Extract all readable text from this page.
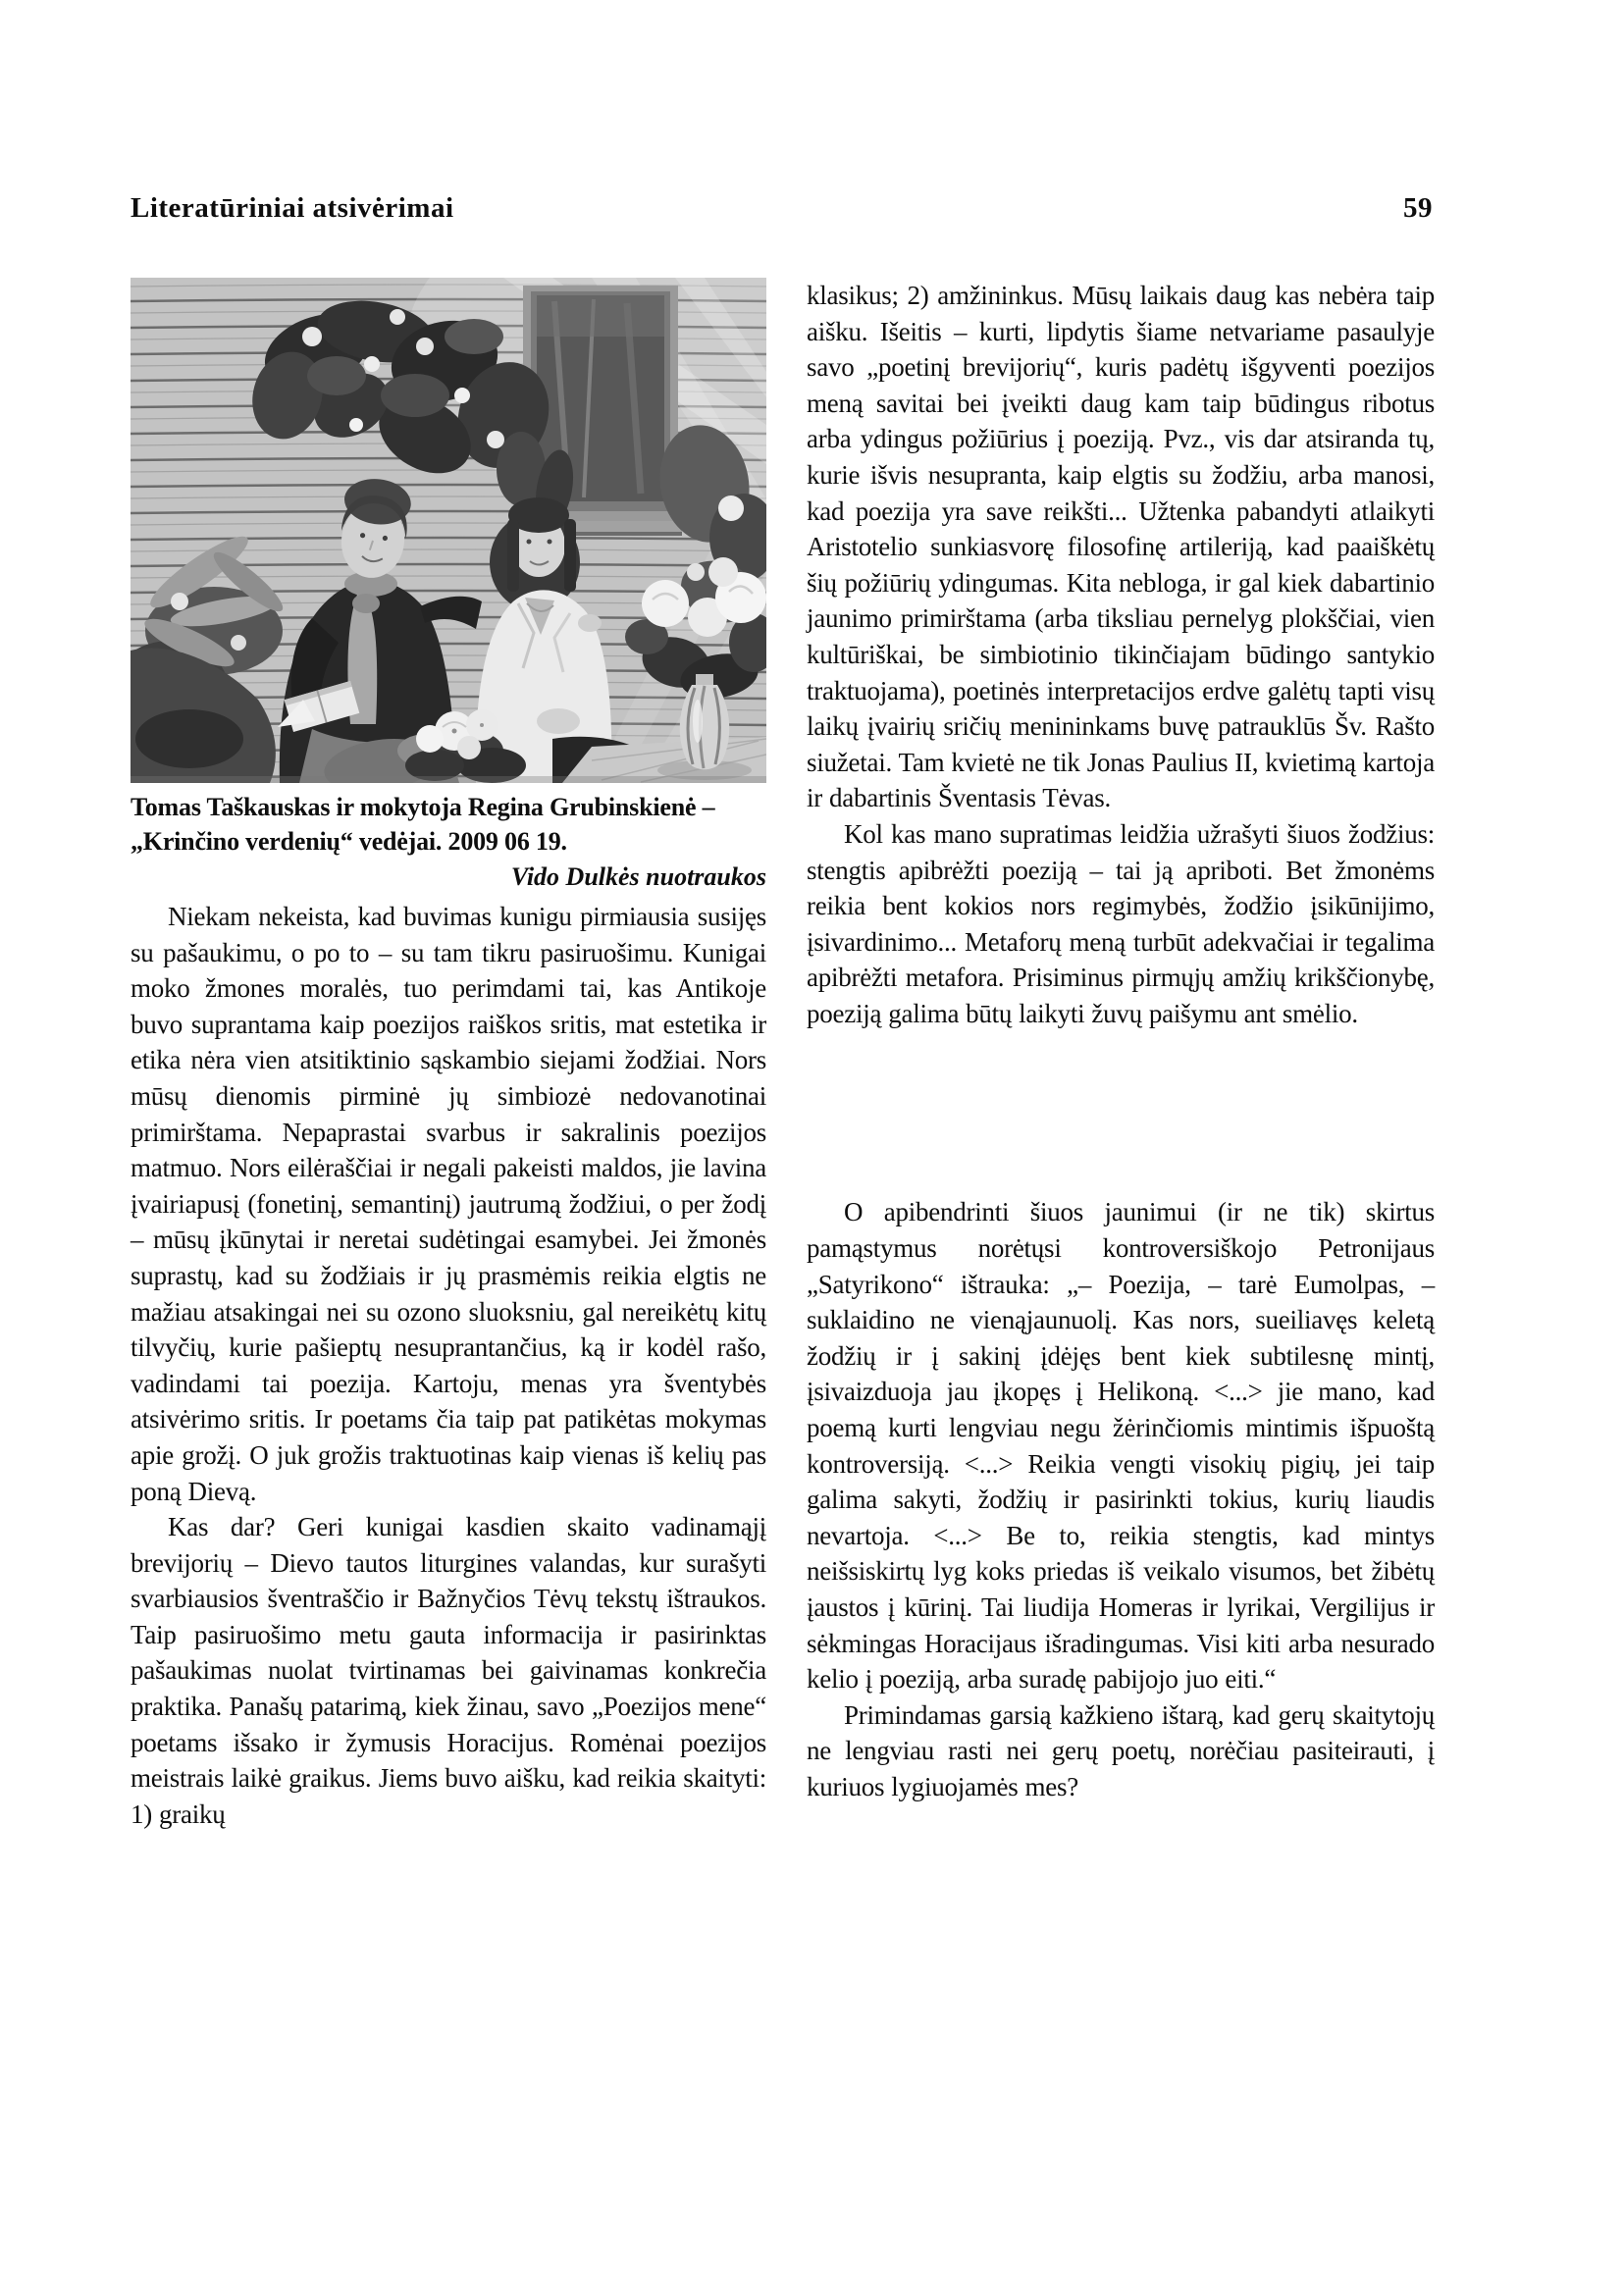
Literatūriniai atsivėrimai	59

Tomas Taškauskas ir mokytoja Regina Grubinskienė –
„Krinčino verdenių“ vedėjai. 2009 06 19.

Vido Dulkės nuotraukos

Niekam nekeista, kad buvimas kunigu pirmiausia susijęs su pašaukimu, o po to – su tam tikru pasiruošimu. Kunigai moko žmones moralės, tuo perimdami tai, kas Antikoje buvo suprantama kaip poezijos raiškos sritis, mat estetika ir etika nėra vien atsitiktinio sąskambio siejami žodžiai. Nors mūsų dienomis pirminė jų simbiozė nedovanotinai primirštama. Nepaprastai svarbus ir sakralinis poezijos matmuo. Nors eilėraščiai ir negali pakeisti maldos, jie lavina įvairiapusį (fonetinį, semantinį) jautrumą žodžiui, o per žodį – mūsų įkūnytai ir neretai sudėtingai esamybei. Jei žmonės suprastų, kad su žodžiais ir jų prasmėmis reikia elgtis ne mažiau atsakingai nei su ozono sluoksniu, gal nereikėtų kitų tilvyčių, kurie pašieptų nesuprantančius, ką ir kodėl rašo, vadindami tai poezija. Kartoju, menas yra šventybės atsivėrimo sritis. Ir poetams čia taip pat patikėtas mokymas apie grožį. O juk grožis traktuotinas kaip vienas iš kelių pas poną Dievą.

Kas dar? Geri kunigai kasdien skaito vadinamąjį brevijorių – Dievo tautos liturgines valandas, kur surašyti svarbiausios šventraščio ir Bažnyčios Tėvų tekstų ištraukos. Taip pasiruošimo metu gauta informacija ir pasirinktas pašaukimas nuolat tvirtinamas bei gaivinamas konkrečia praktika. Panašų patarimą, kiek žinau, savo „Poezijos mene“ poetams išsako ir žymusis Horacijus. Romėnai poezijos meistrais laikė graikus. Jiems buvo aišku, kad reikia skaityti: 1) graikų

klasikus; 2) amžininkus. Mūsų laikais daug kas nebėra taip aišku. Išeitis – kurti, lipdytis šiame netvariame pasaulyje savo „poetinį brevijorių“, kuris padėtų išgyventi poezijos meną savitai bei įveikti daug kam taip būdingus ribotus arba ydingus požiūrius į poeziją. Pvz., vis dar atsiranda tų, kurie išvis nesupranta, kaip elgtis su žodžiu, arba manosi, kad poezija yra save reikšti... Užtenka pabandyti atlaikyti Aristotelio sunkiasvorę filosofinę artileriją, kad paaiškėtų šių požiūrių ydingumas. Kita nebloga, ir gal kiek dabartinio jaunimo primirštama (arba tiksliau pernelyg plokščiai, vien kultūriškai, be simbiotinio tikinčiajam būdingo santykio traktuojama), poetinės interpretacijos erdve galėtų tapti visų laikų įvairių sričių menininkams buvę patrauklūs Šv. Rašto siužetai. Tam kvietė ne tik Jonas Paulius II, kvietimą kartoja ir dabartinis Šventasis Tėvas.

Kol kas mano supratimas leidžia užrašyti šiuos žodžius: stengtis apibrėžti poeziją – tai ją apriboti. Bet žmonėms reikia bent kokios nors regimybės, žodžio įsikūnijimo, įsivardinimo... Metaforų meną turbūt adekvačiai ir tegalima apibrėžti metafora. Prisiminus pirmųjų amžių krikščionybę, poeziją galima būtų laikyti žuvų paišymu ant smėlio.

O apibendrinti šiuos jaunimui (ir ne tik) skirtus pamąstymus norėtųsi kontroversiškojo Petronijaus „Satyrikono“ ištrauka: „– Poezija, – tarė Eumolpas, – suklaidino ne vienąjaunuolį. Kas nors, sueiliavęs keletą žodžių ir į sakinį įdėjęs bent kiek subtilesnę mintį, įsivaizduoja jau įkopęs į Helikoną. <...> jie mano, kad poemą kurti lengviau negu žėrinčiomis mintimis išpuoštą kontroversiją. <...> Reikia vengti visokių pigių, jei taip galima sakyti, žodžių ir pasirinkti tokius, kurių liaudis nevartoja. <...> Be to, reikia stengtis, kad mintys neišsiskirtų lyg koks priedas iš veikalo visumos, bet žibėtų įaustos į kūrinį. Tai liudija Homeras ir lyrikai, Vergilijus ir sėkmingas Horacijaus išradingumas. Visi kiti arba nesurado kelio į poeziją, arba suradę pabijojo juo eiti.“

Primindamas garsią kažkieno ištarą, kad gerų skaitytojų ne lengviau rasti nei gerų poetų, norėčiau pasiteirauti, į kuriuos lygiuojamės mes?
